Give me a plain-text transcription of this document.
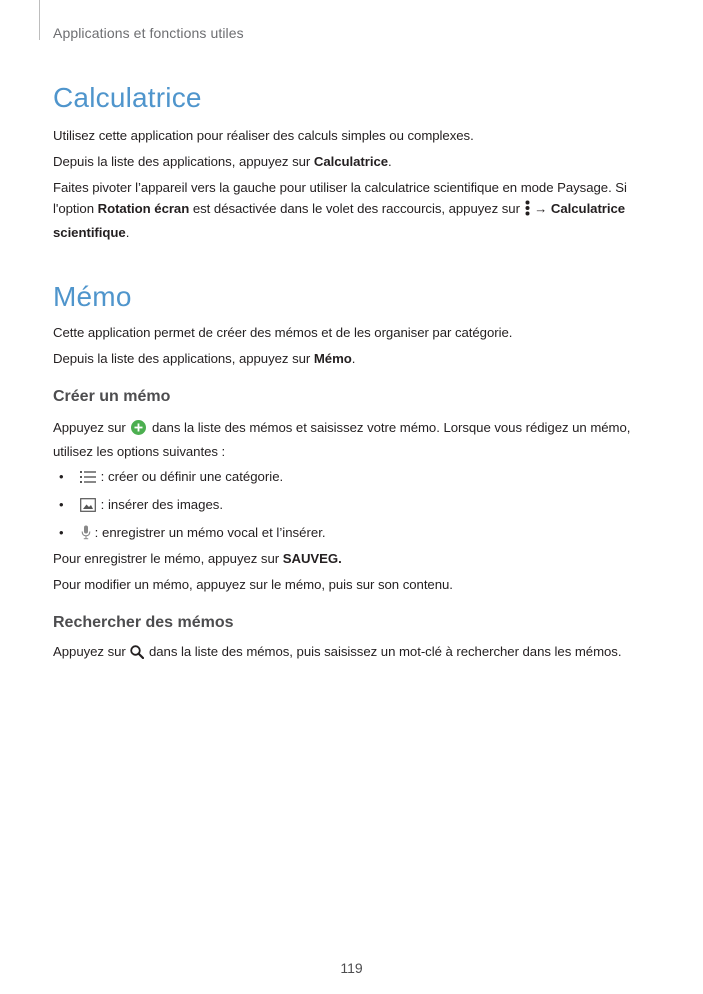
Applications et fonctions utiles
Calculatrice

Utilisez cette application pour réaliser des calculs simples ou complexes.

Depuis la liste des applications, appuyez sur Calculatrice.

Faites pivoter l’appareil vers la gauche pour utiliser la calculatrice scientifique en mode Paysage. Si l'option Rotation écran est désactivée dans le volet des raccourcis, appuyez sur  → Calculatrice scientifique.

Mémo

Cette application permet de créer des mémos et de les organiser par catégorie.

Depuis la liste des applications, appuyez sur Mémo.

Créer un mémo

Appuyez sur  dans la liste des mémos et saisissez votre mémo. Lorsque vous rédigez un mémo, utilisez les options suivantes :

•	: créer ou définir une catégorie.
•	: insérer des images.
• : enregistrer un mémo vocal et l’insérer.

Pour enregistrer le mémo, appuyez sur SAUVEG.

Pour modifier un mémo, appuyez sur le mémo, puis sur son contenu.

Rechercher des mémos

Appuyez sur  dans la liste des mémos, puis saisissez un mot-clé à rechercher dans les mémos.

119
